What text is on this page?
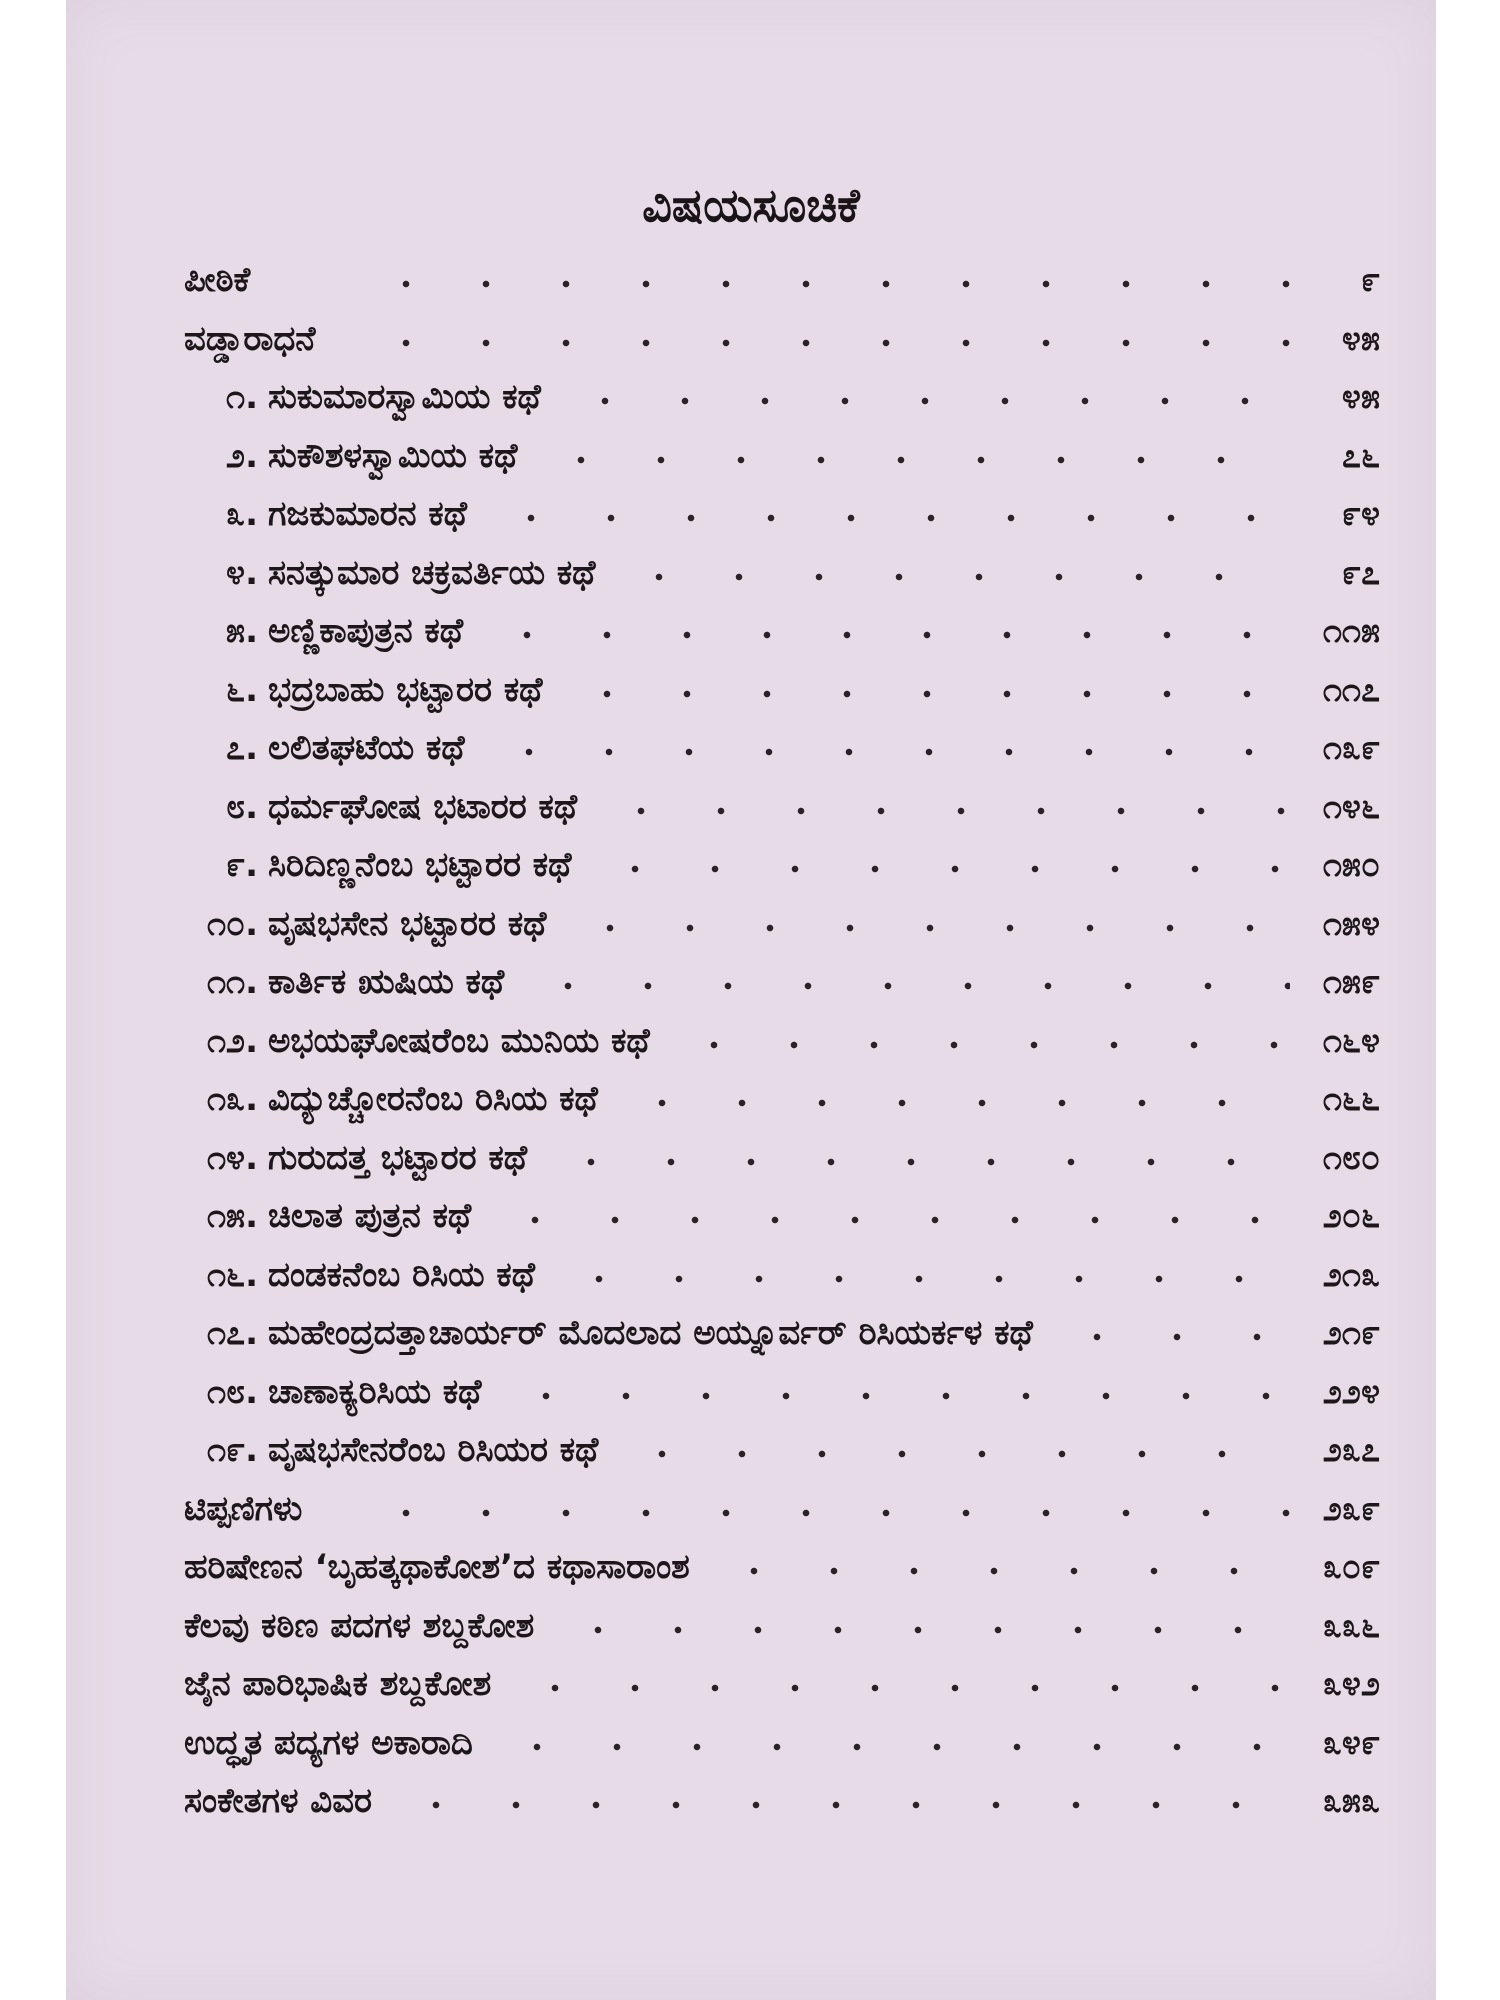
ವಿಷಯಸೂಚಿಕೆ
ಪೀಠಿಕೆ	೯
ವಡ್ಡಾರಾಧನೆ	೪೫
೧. ಸುಕುಮಾರಸ್ವಾಮಿಯ ಕಥೆ	೪೫
೨. ಸುಕೌಶಳಸ್ವಾಮಿಯ ಕಥೆ	೭೬
೩. ಗಜಕುಮಾರನ ಕಥೆ	೯೪
೪. ಸನತ್ಕುಮಾರ ಚಕ್ರವರ್ತಿಯ ಕಥೆ	೯೭
೫. ಅಣ್ಣಿಕಾಪುತ್ರನ ಕಥೆ	೧೧೫
೬. ಭದ್ರಬಾಹು ಭಟ್ಟಾರರ ಕಥೆ	೧೧೭
೭. ಲಲಿತಘಟೆಯ ಕಥೆ	೧೩೯
೮. ಧರ್ಮಘೋಷ ಭಟಾರರ ಕಥೆ	೧೪೬
೯. ಸಿರಿದಿಣ್ಣನೆಂಬ ಭಟ್ಟಾರರ ಕಥೆ	೧೫೦
೧೦. ವೃಷಭಸೇನ ಭಟ್ಟಾರರ ಕಥೆ	೧೫೪
೧೧. ಕಾರ್ತಿಕ ಋಷಿಯ ಕಥೆ	೧೫೯
೧೨. ಅಭಯಘೋಷರೆಂಬ ಮುನಿಯ ಕಥೆ	೧೬೪
೧೩. ವಿದ್ಯುಚ್ಚೋರನೆಂಬ ರಿಸಿಯ ಕಥೆ	೧೬೬
೧೪. ಗುರುದತ್ತ ಭಟ್ಟಾರರ ಕಥೆ	೧೮೦
೧೫. ಚಿಲಾತ ಪುತ್ರನ ಕಥೆ	೨೦೬
೧೬. ದಂಡಕನೆಂಬ ರಿಸಿಯ ಕಥೆ	೨೧೩
೧೭. ಮಹೇಂದ್ರದತ್ತಾಚಾರ್ಯರ್ ಮೊದಲಾದ ಅಯ್ನೂರ್ವರ್ ರಿಸಿಯರ್ಕಳ ಕಥೆ	೨೧೯
೧೮. ಚಾಣಾಕ್ಯರಿಸಿಯ ಕಥೆ	೨೨೪
೧೯. ವೃಷಭಸೇನರೆಂಬ ರಿಸಿಯರ ಕಥೆ	೨೩೭
ಟಿಪ್ಪಣಿಗಳು	೨೩೯
ಹರಿಷೇಣನ ‘ಬೃಹತ್ಕಥಾಕೋಶ’ದ ಕಥಾಸಾರಾಂಶ	೩೦೯
ಕೆಲವು ಕಠಿಣ ಪದಗಳ ಶಬ್ದಕೋಶ	೩೩೬
ಜೈನ ಪಾರಿಭಾಷಿಕ ಶಬ್ದಕೋಶ	೩೪೨
ಉದ್ಧೃತ ಪದ್ಯಗಳ ಅಕಾರಾದಿ	೩೪೯
ಸಂಕೇತಗಳ ವಿವರ	೩೫೩
